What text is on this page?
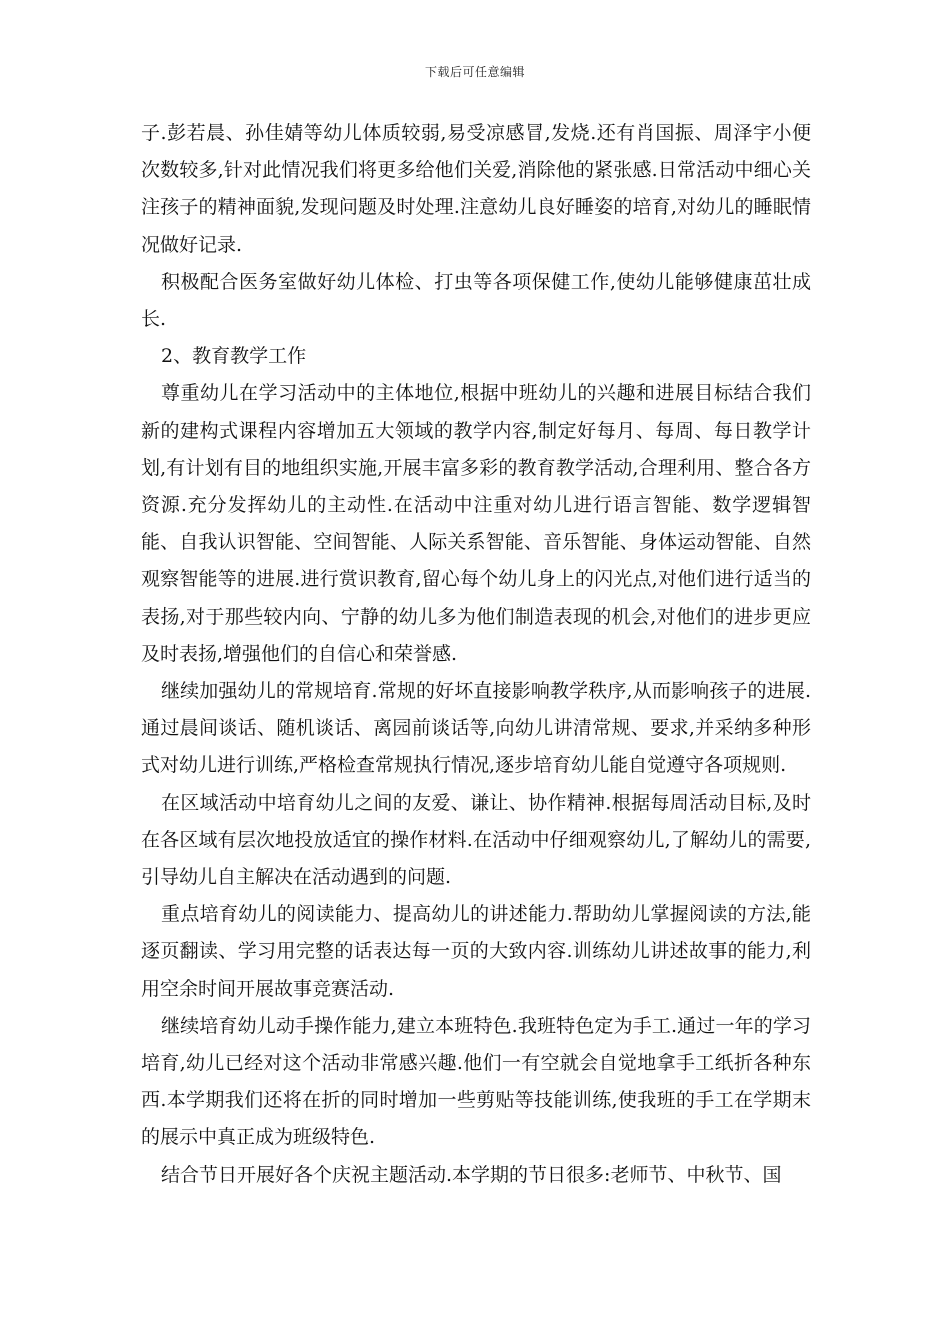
下载后可任意编辑

子.彭若晨、孙佳婧等幼儿体质较弱,易受凉感冒,发烧.还有肖国振、周泽宇小便次数较多,针对此情况我们将更多给他们关爱,消除他的紧张感.日常活动中细心关注孩子的精神面貌,发现问题及时处理.注意幼儿良好睡姿的培育,对幼儿的睡眠情况做好记录.

积极配合医务室做好幼儿体检、打虫等各项保健工作,使幼儿能够健康茁壮成长.

2、教育教学工作

尊重幼儿在学习活动中的主体地位,根据中班幼儿的兴趣和进展目标结合我们新的建构式课程内容增加五大领域的教学内容,制定好每月、每周、每日教学计划,有计划有目的地组织实施,开展丰富多彩的教育教学活动,合理利用、整合各方资源.充分发挥幼儿的主动性.在活动中注重对幼儿进行语言智能、数学逻辑智能、自我认识智能、空间智能、人际关系智能、音乐智能、身体运动智能、自然观察智能等的进展.进行赏识教育,留心每个幼儿身上的闪光点,对他们进行适当的表扬,对于那些较内向、宁静的幼儿多为他们制造表现的机会,对他们的进步更应及时表扬,增强他们的自信心和荣誉感.

继续加强幼儿的常规培育.常规的好坏直接影响教学秩序,从而影响孩子的进展.通过晨间谈话、随机谈话、离园前谈话等,向幼儿讲清常规、要求,并采纳多种形式对幼儿进行训练,严格检查常规执行情况,逐步培育幼儿能自觉遵守各项规则.

在区域活动中培育幼儿之间的友爱、谦让、协作精神.根据每周活动目标,及时在各区域有层次地投放适宜的操作材料.在活动中仔细观察幼儿,了解幼儿的需要,引导幼儿自主解决在活动遇到的问题.

重点培育幼儿的阅读能力、提高幼儿的讲述能力.帮助幼儿掌握阅读的方法,能逐页翻读、学习用完整的话表达每一页的大致内容.训练幼儿讲述故事的能力,利用空余时间开展故事竞赛活动.

继续培育幼儿动手操作能力,建立本班特色.我班特色定为手工.通过一年的学习培育,幼儿已经对这个活动非常感兴趣.他们一有空就会自觉地拿手工纸折各种东西.本学期我们还将在折的同时增加一些剪贴等技能训练,使我班的手工在学期末的展示中真正成为班级特色.

结合节日开展好各个庆祝主题活动.本学期的节日很多:老师节、中秋节、国
